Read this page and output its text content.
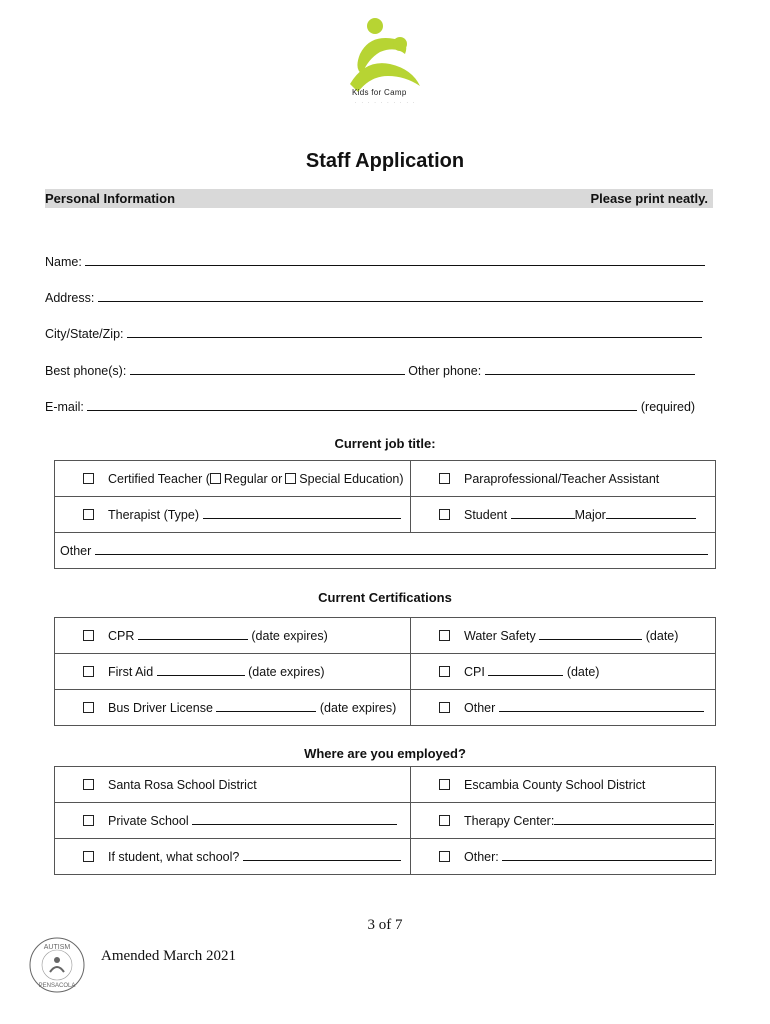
Kids for Camp
· · · · · · · · · ·
Staff Application
Personal Information	Please print neatly.
Name:
Address:
City/State/Zip:
Best phone(s):	Other phone:
E-mail:	(required)
Current job title:
Certified Teacher ( Regular or Special Education)	Paraprofessional/Teacher Assistant
Therapist (Type)	Student Major
Other	
Current Certifications
CPR (date expires)	Water Safety (date)
First Aid (date expires)	CPI (date)
Bus Driver License (date expires)	Other
Where are you employed?
Santa Rosa School District	Escambia County School District
Private School	Therapy Center:
If student, what school?	Other:
3 of 7
AUTISM
PENSACOLA
Amended March 2021
